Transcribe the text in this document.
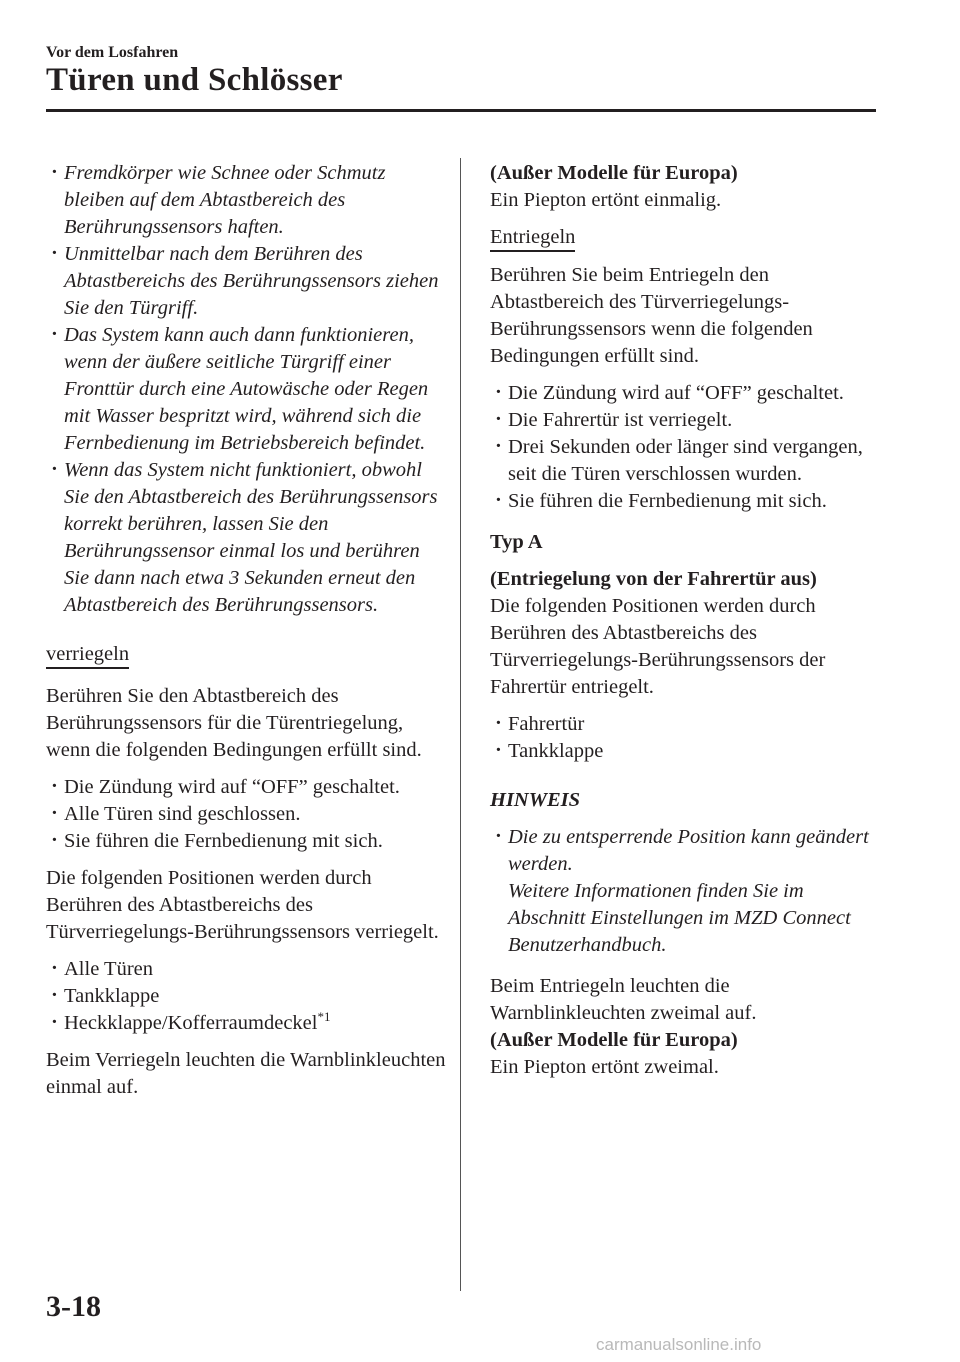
Vor dem Losfahren
Türen und Schlösser

· Fremdkörper wie Schnee oder Schmutz bleiben auf dem Abtastbereich des Berührungssensors haften.

· Unmittelbar nach dem Berühren des Abtastbereichs des Berührungssensors ziehen Sie den Türgriff.

· Das System kann auch dann funktionieren, wenn der äußere seitliche Türgriff einer Fronttür durch eine Autowäsche oder Regen mit Wasser bespritzt wird, während sich die Fernbedienung im Betriebsbereich befindet.

· Wenn das System nicht funktioniert, obwohl Sie den Abtastbereich des Berührungssensors korrekt berühren, lassen Sie den Berührungssensor einmal los und berühren Sie dann nach etwa 3 Sekunden erneut den Abtastbereich des Berührungssensors.

verriegeln

Berühren Sie den Abtastbereich des Berührungssensors für die Türentriegelung, wenn die folgenden Bedingungen erfüllt sind.

· Die Zündung wird auf “OFF” geschaltet.

· Alle Türen sind geschlossen.

· Sie führen die Fernbedienung mit sich.

Die folgenden Positionen werden durch Berühren des Abtastbereichs des Türverriegelungs-Berührungssensors verriegelt.

· Alle Türen

· Tankklappe

· Heckklappe/Kofferraumdeckel$^{*1}$

Beim Verriegeln leuchten die Warnblinkleuchten einmal auf.

(Außer Modelle für Europa)

Ein Piepton ertönt einmalig.

Entriegeln

Berühren Sie beim Entriegeln den Abtastbereich des Türverriegelungs-Berührungssensors wenn die folgenden Bedingungen erfüllt sind.

· Die Zündung wird auf “OFF” geschaltet.

· Die Fahrertür ist verriegelt.

· Drei Sekunden oder länger sind vergangen, seit die Türen verschlossen wurden.

· Sie führen die Fernbedienung mit sich.

Typ A

(Entriegelung von der Fahrertür aus)

Die folgenden Positionen werden durch Berühren des Abtastbereichs des Türverriegelungs-Berührungssensors der Fahrertür entriegelt.

· Fahrertür

· Tankklappe

HINWEIS

· Die zu entsperrende Position kann geändert werden.

Weitere Informationen finden Sie im Abschnitt Einstellungen im MZD Connect Benutzerhandbuch.

Beim Entriegeln leuchten die Warnblinkleuchten zweimal auf.

(Außer Modelle für Europa)

Ein Piepton ertönt zweimal.

3-18
carmanualsonline.info
